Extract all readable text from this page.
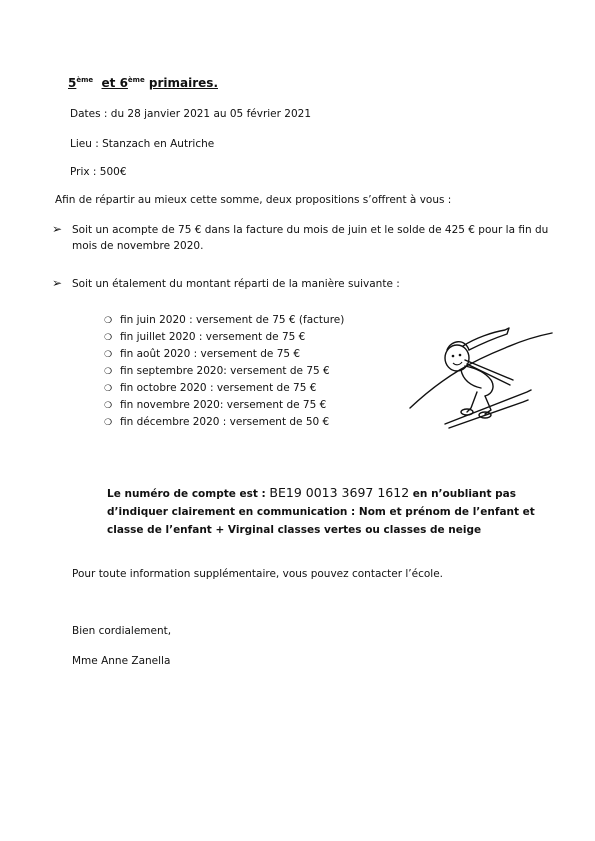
5ème et 6ème primaires.
Dates : du 28 janvier 2021 au 05 février 2021
Lieu : Stanzach en Autriche
Prix : 500€
Afin de répartir au mieux cette somme, deux propositions s’offrent à vous :
➢ Soit un acompte de 75 € dans la facture du mois de juin et le solde de 425 € pour la fin du mois de novembre 2020.
➢ Soit un étalement du montant réparti de la manière suivante :
❍ fin juin 2020 : versement de 75 € (facture)
❍ fin juillet 2020 : versement de 75 €
❍ fin août 2020 : versement de 75 €
❍ fin septembre 2020: versement de 75 €
❍ fin octobre 2020 : versement de 75 €
❍ fin novembre 2020: versement de 75 €
❍ fin décembre 2020 : versement de 50 €
Le numéro de compte est : BE19 0013 3697 1612 en n’oubliant pas d’indiquer clairement en communication : Nom et prénom de l’enfant et classe de l’enfant + Virginal classes vertes ou classes de neige
Pour toute information supplémentaire, vous pouvez contacter l’école.
Bien cordialement,
Mme Anne Zanella
